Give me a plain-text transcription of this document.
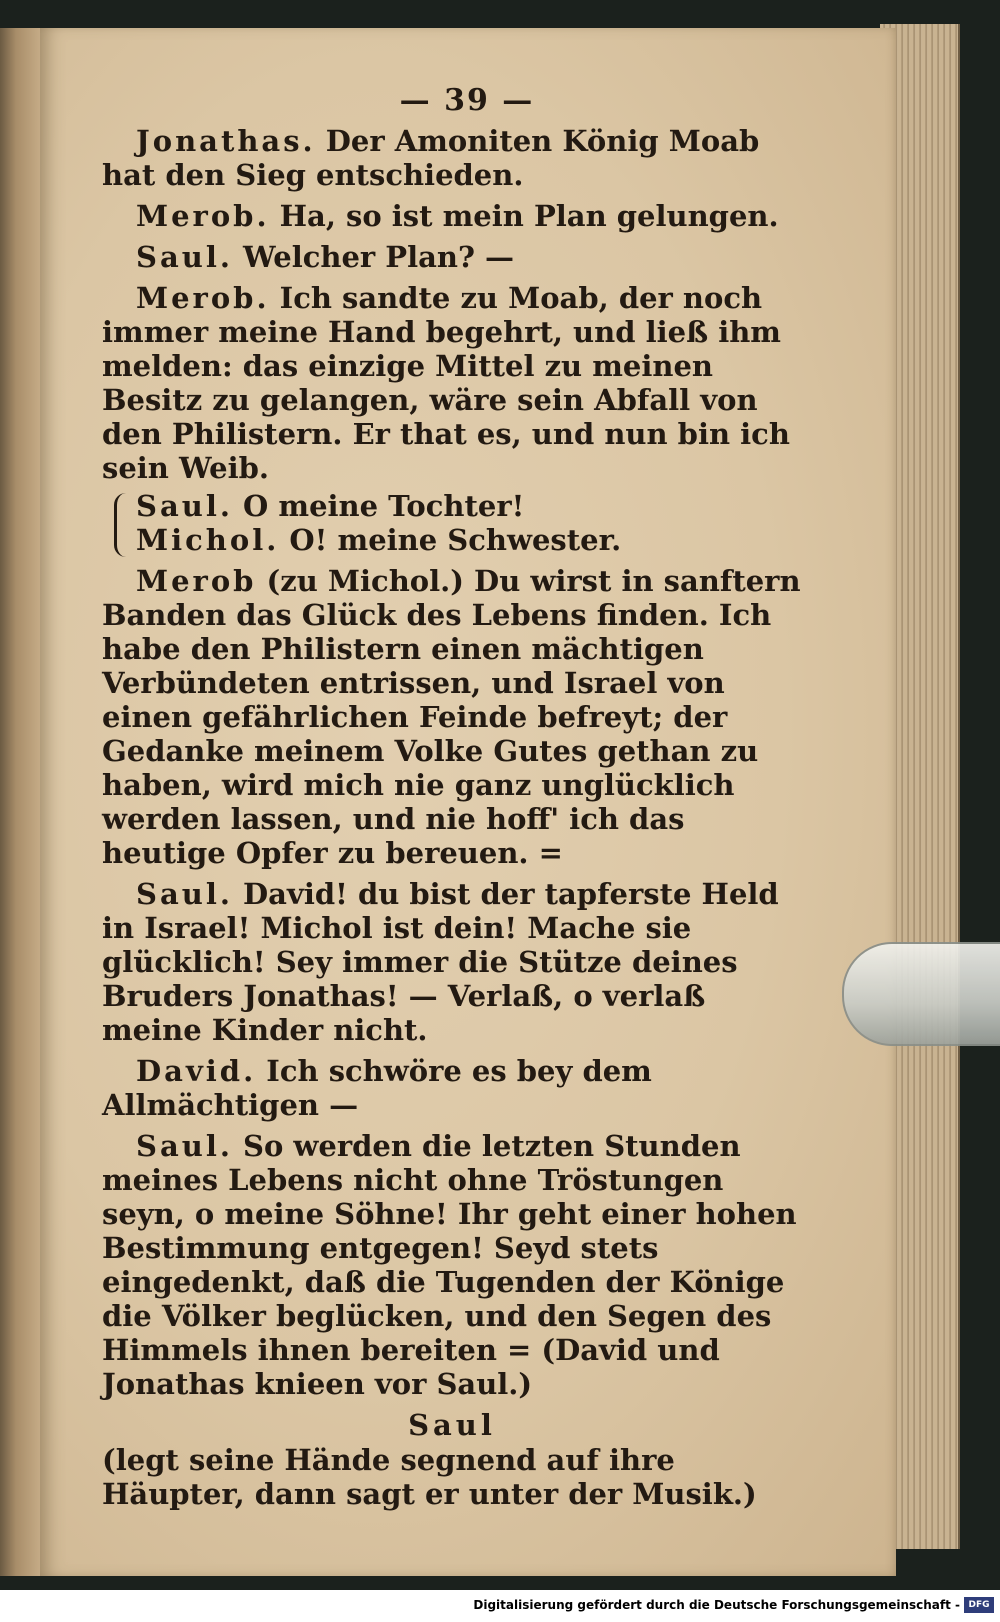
— 39 —

Jonathas. Der Amoniten König Moab hat den Sieg entschieden.

Merob. Ha, so ist mein Plan gelungen.

Saul. Welcher Plan? —

Merob. Ich sandte zu Moab, der noch immer meine Hand begehrt, und ließ ihm melden: das einzige Mittel zu meinen Besitz zu gelangen, wäre sein Abfall von den Philistern. Er that es, und nun bin ich sein Weib.

Saul. O meine Tochter!

Michol. O! meine Schwester.

Merob (zu Michol.) Du wirst in sanftern Banden das Glück des Lebens finden. Ich habe den Philistern einen mächtigen Verbündeten entrissen, und Israel von einen gefährlichen Feinde befreyt; der Gedanke meinem Volke Gutes gethan zu haben, wird mich nie ganz unglücklich werden lassen, und nie hoff' ich das heutige Opfer zu bereuen. =

Saul. David! du bist der tapferste Held in Israel! Michol ist dein! Mache sie glücklich! Sey immer die Stütze deines Bruders Jonathas! — Verlaß, o verlaß meine Kinder nicht.

David. Ich schwöre es bey dem Allmächtigen —

Saul. So werden die letzten Stunden meines Lebens nicht ohne Tröstungen seyn, o meine Söhne! Ihr geht einer hohen Bestimmung entgegen! Seyd stets eingedenkt, daß die Tugenden der Könige die Völker beglücken, und den Segen des Himmels ihnen bereiten = (David und Jonathas knieen vor Saul.)

Saul

(legt seine Hände segnend auf ihre Häupter, dann sagt er unter der Musik.)

Digitalisierung gefördert durch die Deutsche Forschungsgemeinschaft - DFG
